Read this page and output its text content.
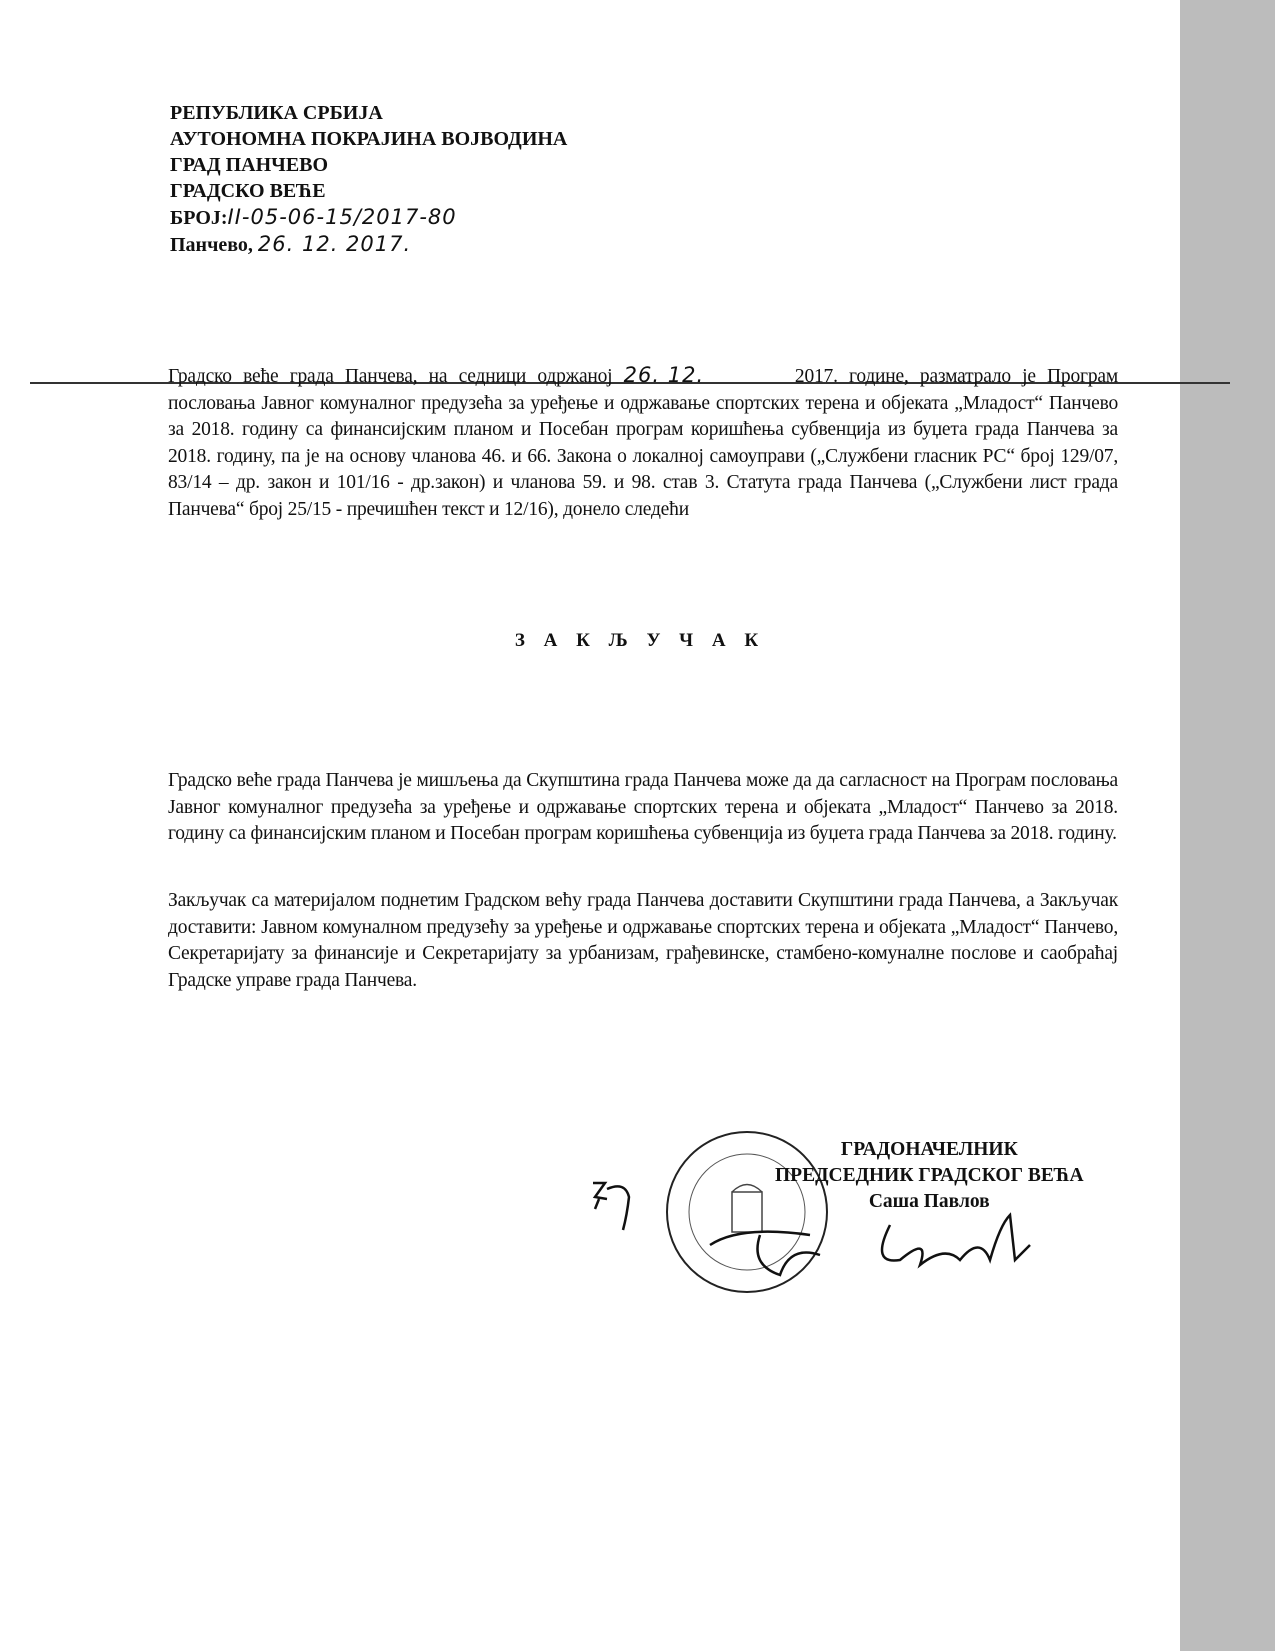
РЕПУБЛИКА СРБИЈА
АУТОНОМНА ПОКРАЈИНА ВОЈВОДИНА
ГРАД ПАНЧЕВО
ГРАДСКО ВЕЋЕ
БРОЈ:II-05-06-15/2017-80
Панчево, 26. 12. 2017.
Градско веће града Панчева, на седници одржаној 26. 12.	2017. године, разматрало је Програм пословања Јавног комуналног предузећа за уређење и одржавање спортских терена и објеката „Младост“ Панчево за 2018. годину са финансијским планом и Посебан програм коришћења субвенција из буџета града Панчева за 2018. годину, па је на основу чланова 46. и 66. Закона о локалној самоуправи („Службени гласник РС“ број 129/07, 83/14 – др. закон и 101/16 - др.закон) и чланова 59. и 98. став 3. Статута града Панчева („Службени лист града Панчева“ број 25/15 - пречишћен текст и 12/16), донело следећи
З А К Љ У Ч А К
Градско веће града Панчева је мишљења да Скупштина града Панчева може да да сагласност на Програм пословања Јавног комуналног предузећа за уређење и одржавање спортских терена и објеката „Младост“ Панчево за 2018. годину са финансијским планом и Посебан програм коришћења субвенција из буџета града Панчева за 2018. годину.
Закључак са материјалом поднетим Градском већу града Панчева доставити Скупштини града Панчева, а Закључак доставити: Јавном комуналном предузећу за уређење и одржавање спортских терена и објеката „Младост“ Панчево, Секретаријату за финансије и Секретаријату за урбанизам, грађевинске, стамбено-комуналне послове и саобраћај Градске управе града Панчева.
ГРАДОНАЧЕЛНИК
ПРЕДСЕДНИК ГРАДСКОГ ВЕЋА
Саша Павлов
